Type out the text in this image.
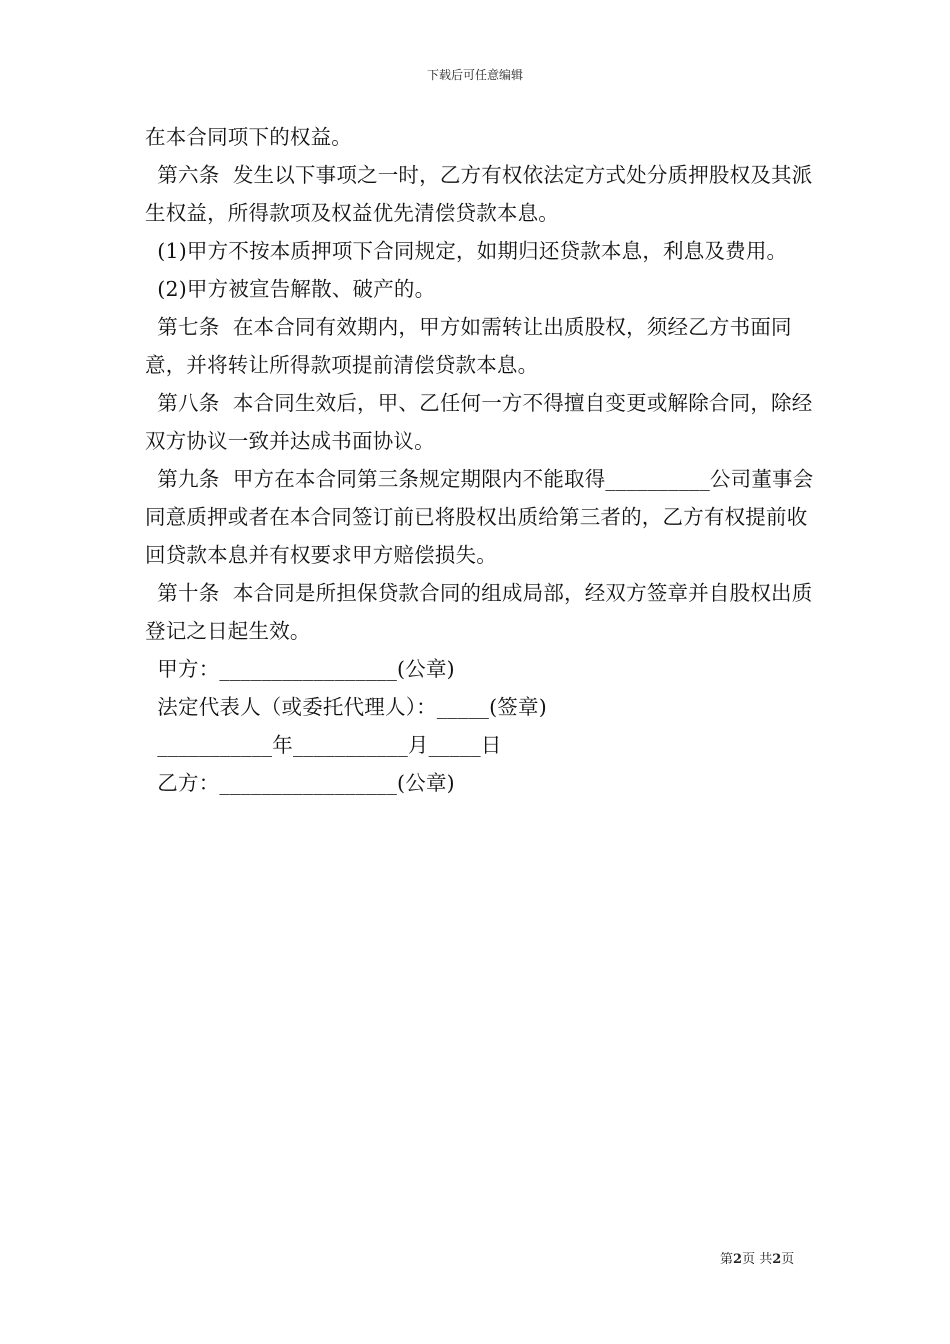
下载后可任意编辑

在本合同项下的权益。

第六条  发生以下事项之一时，乙方有权依法定方式处分质押股权及其派生权益，所得款项及权益优先清偿贷款本息。

(1)甲方不按本质押项下合同规定，如期归还贷款本息，利息及费用。

(2)甲方被宣告解散、破产的。

第七条  在本合同有效期内，甲方如需转让出质股权，须经乙方书面同意，并将转让所得款项提前清偿贷款本息。

第八条  本合同生效后，甲、乙任何一方不得擅自变更或解除合同，除经双方协议一致并达成书面协议。

第九条  甲方在本合同第三条规定期限内不能取得__________公司董事会同意质押或者在本合同签订前已将股权出质给第三者的，乙方有权提前收回贷款本息并有权要求甲方赔偿损失。

第十条  本合同是所担保贷款合同的组成局部，经双方签章并自股权出质登记之日起生效。

甲方：_________________(公章)

法定代表人（或委托代理人）：_____(签章)

___________年___________月_____日

乙方：_________________(公章)

第2页 共2页
